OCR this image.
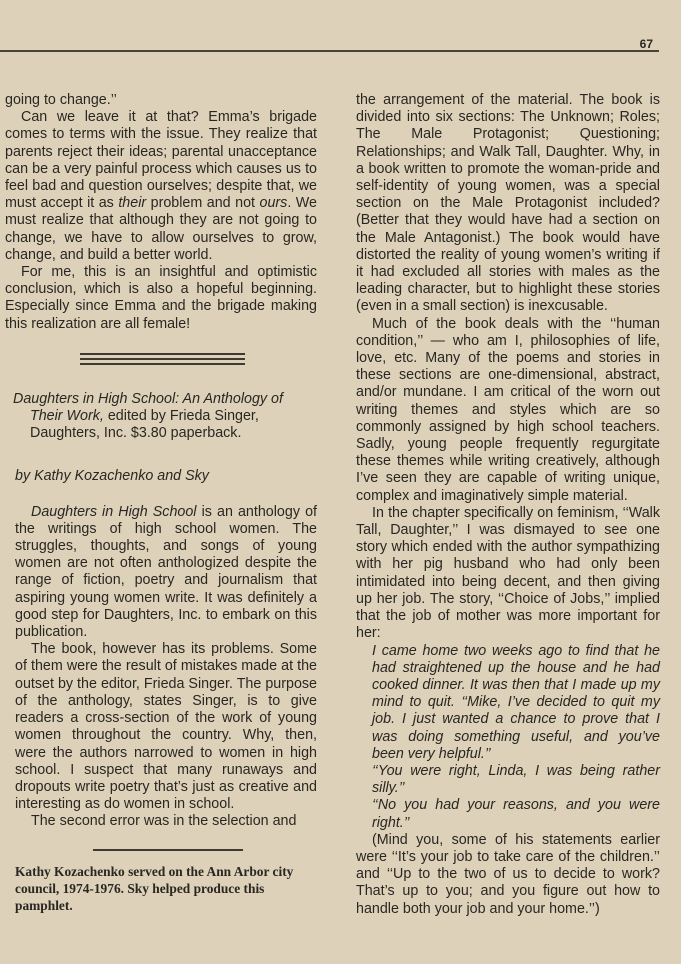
67

going to change.’’

Can we leave it at that? Emma’s brigade comes to terms with the issue. They realize that parents reject their ideas; parental unacceptance can be a very painful process which causes us to feel bad and question ourselves; despite that, we must accept it as their problem and not ours. We must realize that although they are not going to change, we have to allow ourselves to grow, change, and build a better world.

For me, this is an insightful and optimistic conclusion, which is also a hopeful beginning. Especially since Emma and the brigade making this realization are all female!

Daughters in High School: An Anthology of
Their Work, edited by Frieda Singer,
Daughters, Inc. $3.80 paperback.
by Kathy Kozachenko and Sky

Daughters in High School is an anthology of the writings of high school women. The struggles, thoughts, and songs of young women are not often anthologized despite the range of fiction, poetry and journalism that aspiring young women write. It was definitely a good step for Daughters, Inc. to embark on this publication.

The book, however has its problems. Some of them were the result of mistakes made at the outset by the editor, Frieda Singer. The purpose of the anthology, states Singer, is to give readers a cross-section of the work of young women throughout the country. Why, then, were the authors narrowed to women in high school. I suspect that many runaways and dropouts write poetry that’s just as creative and interesting as do women in school.

The second error was in the selection and

Kathy Kozachenko served on the Ann Arbor city council, 1974-1976. Sky helped produce this pamphlet.

the arrangement of the material. The book is divided into six sections: The Unknown; Roles; The Male Protagonist; Questioning; Relationships; and Walk Tall, Daughter. Why, in a book written to promote the woman-pride and self-identity of young women, was a special section on the Male Protagonist included? (Better that they would have had a section on the Male Antagonist.) The book would have distorted the reality of young women’s writing if it had excluded all stories with males as the leading character, but to highlight these stories (even in a small section) is inexcusable.

Much of the book deals with the ‘‘human condition,’’ — who am I, philosophies of life, love, etc. Many of the poems and stories in these sections are one-dimensional, abstract, and/or mundane. I am critical of the worn out writing themes and styles which are so commonly assigned by high school teachers. Sadly, young people frequently regurgitate these themes while writing creatively, although I’ve seen they are capable of writing unique, complex and imaginatively simple material.

In the chapter specifically on feminism, ‘‘Walk Tall, Daughter,’’ I was dismayed to see one story which ended with the author sympathizing with her pig husband who had only been intimidated into being decent, and then giving up her job. The story, ‘‘Choice of Jobs,’’ implied that the job of mother was more important for her:

I came home two weeks ago to find that he had straightened up the house and he had cooked dinner. It was then that I made up my mind to quit. ‘‘Mike, I’ve decided to quit my job. I just wanted a chance to prove that I was doing something useful, and you’ve been very helpful.’’

‘‘You were right, Linda, I was being rather silly.’’

‘‘No you had your reasons, and you were right.’’

(Mind you, some of his statements earlier were ‘‘It’s your job to take care of the children.’’ and ‘‘Up to the two of us to decide to work? That’s up to you; and you figure out how to handle both your job and your home.’’)
